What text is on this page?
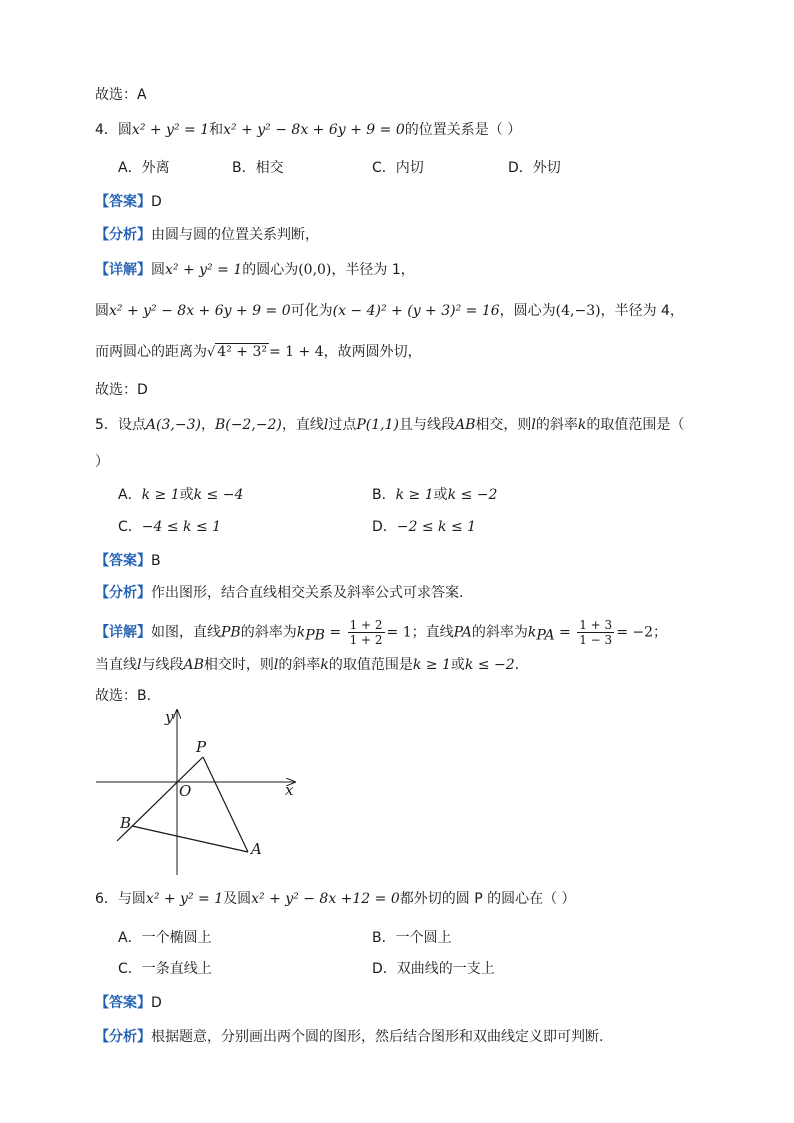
故选：A
4．圆x² + y² = 1和x² + y² − 8x + 6y + 9 = 0的位置关系是（ ）
A．外离	B．相交	C．内切	D．外切
【答案】D
【分析】由圆与圆的位置关系判断，
【详解】圆x² + y² = 1的圆心为(0,0)，半径为 1，
圆x² + y² − 8x + 6y + 9 = 0可化为(x − 4)² + (y + 3)² = 16，圆心为(4,−3)，半径为 4，
而两圆心的距离为√ 4² + 3² = 1 + 4，故两圆外切，
故选：D
5．设点A(3,−3)，B(−2,−2)，直线l过点P(1,1)且与线段AB相交，则l的斜率k的取值范围是（
）
A．k ≥ 1或k ≤ −4	B．k ≥ 1或k ≤ −2
C．−4 ≤ k ≤ 1	D．−2 ≤ k ≤ 1
【答案】B
【分析】作出图形，结合直线相交关系及斜率公式可求答案.
【详解】如图，直线PB的斜率为$k_{PB} = \frac{1 + 2}{1 + 2} = 1$；直线PA的斜率为$k_{PA} = \frac{1 + 3}{1 - 3} = -2$；
当直线l与线段AB相交时，则l的斜率k的取值范围是k ≥ 1或k ≤ −2.
故选：B.
y
x
O
P
B
A
6．与圆x² + y² = 1及圆x² + y² − 8x +12 = 0都外切的圆 P 的圆心在（ ）
A．一个椭圆上	B．一个圆上
C．一条直线上	D．双曲线的一支上
【答案】D
【分析】根据题意，分别画出两个圆的图形，然后结合图形和双曲线定义即可判断.
